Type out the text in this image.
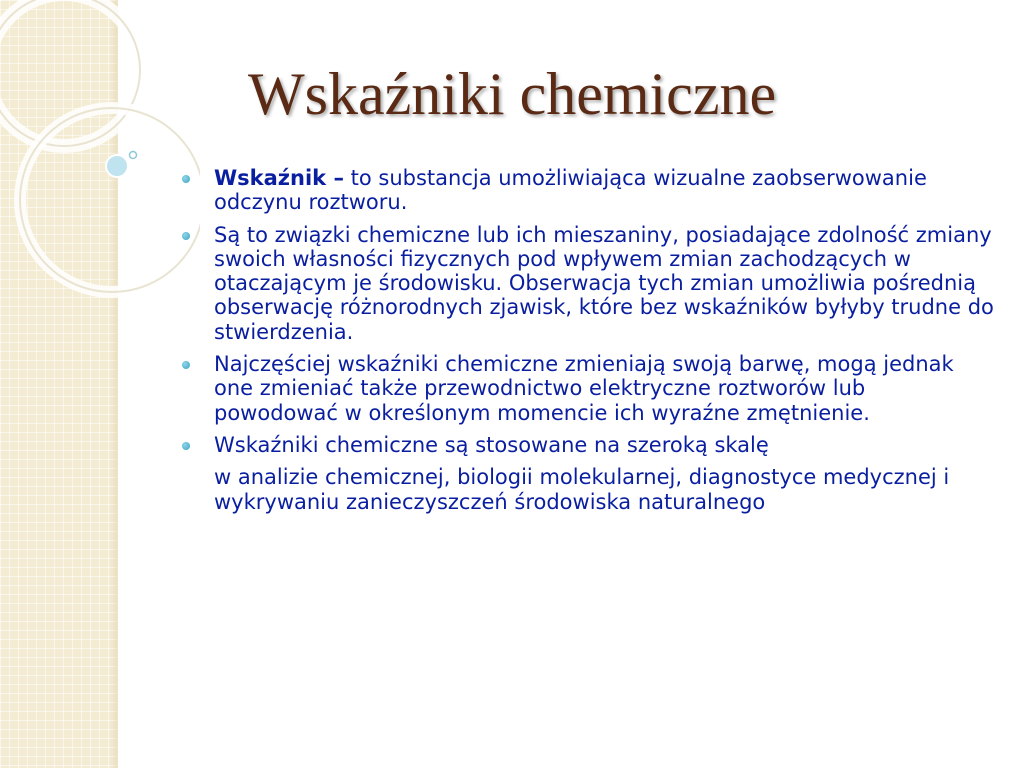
Wskaźniki chemiczne
Wskaźnik – to substancja umożliwiająca wizualne zaobserwowanie odczynu roztworu.
Są to związki chemiczne lub ich mieszaniny, posiadające zdolność zmiany swoich własności fizycznych pod wpływem zmian zachodzących w otaczającym je środowisku. Obserwacja tych zmian umożliwia pośrednią obserwację różnorodnych zjawisk, które bez wskaźników byłyby trudne do stwierdzenia.
Najczęściej wskaźniki chemiczne zmieniają swoją barwę, mogą jednak one zmieniać także przewodnictwo elektryczne roztworów lub powodować w określonym momencie ich wyraźne zmętnienie.
Wskaźniki chemiczne są stosowane na szeroką skalę
w analizie chemicznej, biologii molekularnej, diagnostyce medycznej i wykrywaniu zanieczyszczeń środowiska naturalnego
